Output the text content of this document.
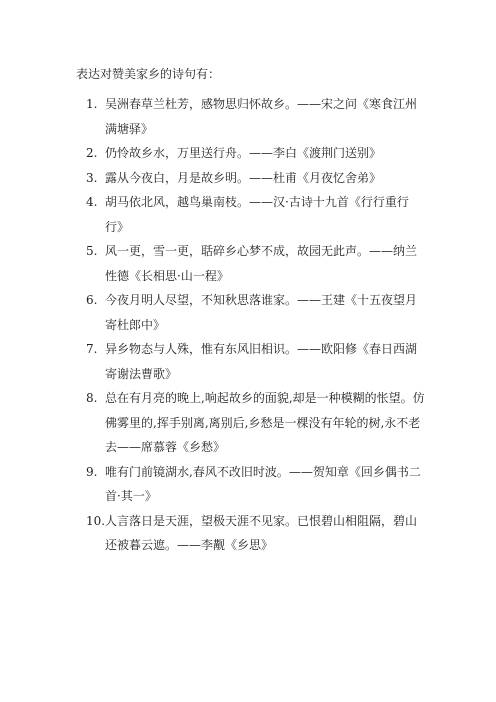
表达对赞美家乡的诗句有：
1. 吴洲春草兰杜芳，感物思归怀故乡。——宋之问《寒食江州满塘驿》
2. 仍怜故乡水，万里送行舟。——李白《渡荆门送别》
3. 露从今夜白，月是故乡明。——杜甫《月夜忆舍弟》
4. 胡马依北风，越鸟巢南枝。——汉·古诗十九首《行行重行行》
5. 风一更，雪一更，聒碎乡心梦不成，故园无此声。——纳兰性德《长相思·山一程》
6. 今夜月明人尽望，不知秋思落谁家。——王建《十五夜望月寄杜郎中》
7. 异乡物态与人殊，惟有东风旧相识。——欧阳修《春日西湖寄谢法曹歌》
8. 总在有月亮的晚上,响起故乡的面貌,却是一种模糊的怅望。仿佛雾里的,挥手别离,离别后,乡愁是一棵没有年轮的树,永不老去——席慕蓉《乡愁》
9. 唯有门前镜湖水,春风不改旧时波。——贺知章《回乡偶书二首·其一》
10. 人言落日是天涯，望极天涯不见家。已恨碧山相阻隔，碧山还被暮云遮。——李觏《乡思》
